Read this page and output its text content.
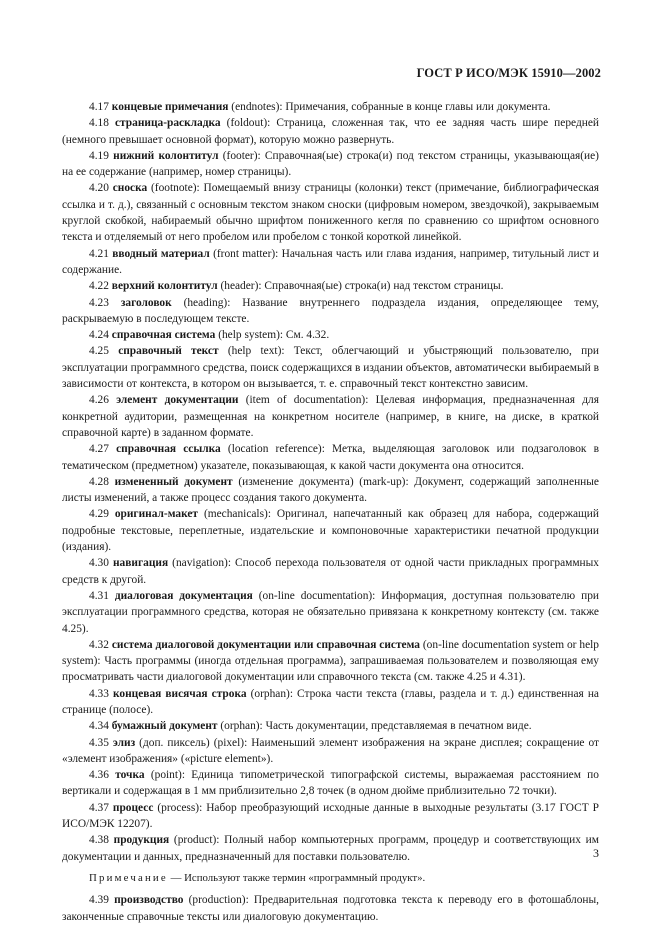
ГОСТ Р ИСО/МЭК 15910—2002

4.17 концевые примечания (endnotes): Примечания, собранные в конце главы или документа.

4.18 страница-раскладка (foldout): Страница, сложенная так, что ее задняя часть шире передней (немного превышает основной формат), которую можно развернуть.

4.19 нижний колонтитул (footer): Справочная(ые) строка(и) под текстом страницы, указывающая(ие) на ее содержание (например, номер страницы).

4.20 сноска (footnote): Помещаемый внизу страницы (колонки) текст (примечание, библиографическая ссылка и т. д.), связанный с основным текстом знаком сноски (цифровым номером, звездочкой), закрываемым круглой скобкой, набираемый обычно шрифтом пониженного кегля по сравнению со шрифтом основного текста и отделяемый от него пробелом или пробелом с тонкой короткой линейкой.

4.21 вводный материал (front matter): Начальная часть или глава издания, например, титульный лист и содержание.

4.22 верхний колонтитул (header): Справочная(ые) строка(и) над текстом страницы.

4.23 заголовок (heading): Название внутреннего подраздела издания, определяющее тему, раскрываемую в последующем тексте.

4.24 справочная система (help system): См. 4.32.

4.25 справочный текст (help text): Текст, облегчающий и убыстряющий пользователю, при эксплуатации программного средства, поиск содержащихся в издании объектов, автоматически выбираемый в зависимости от контекста, в котором он вызывается, т. е. справочный текст контекстно зависим.

4.26 элемент документации (item of documentation): Целевая информация, предназначенная для конкретной аудитории, размещенная на конкретном носителе (например, в книге, на диске, в краткой справочной карте) в заданном формате.

4.27 справочная ссылка (location reference): Метка, выделяющая заголовок или подзаголовок в тематическом (предметном) указателе, показывающая, к какой части документа она относится.

4.28 измененный документ (изменение документа) (mark-up): Документ, содержащий заполненные листы изменений, а также процесс создания такого документа.

4.29 оригинал-макет (mechanicals): Оригинал, напечатанный как образец для набора, содержащий подробные текстовые, переплетные, издательские и компоновочные характеристики печатной продукции (издания).

4.30 навигация (navigation): Способ перехода пользователя от одной части прикладных программных средств к другой.

4.31 диалоговая документация (on-line documentation): Информация, доступная пользователю при эксплуатации программного средства, которая не обязательно привязана к конкретному контексту (см. также 4.25).

4.32 система диалоговой документации или справочная система (on-line documentation system or help system): Часть программы (иногда отдельная программа), запрашиваемая пользователем и позволяющая ему просматривать части диалоговой документации или справочного текста (см. также 4.25 и 4.31).

4.33 концевая висячая строка (orphan): Строка части текста (главы, раздела и т. д.) единственная на странице (полосе).

4.34 бумажный документ (orphan): Часть документации, представляемая в печатном виде.

4.35 элиз (доп. пиксель) (pixel): Наименьший элемент изображения на экране дисплея; сокращение от «элемент изображения» («picture element»).

4.36 точка (point): Единица типометрической типографской системы, выражаемая расстоянием по вертикали и содержащая в 1 мм приблизительно 2,8 точек (в одном дюйме приблизительно 72 точки).

4.37 процесс (process): Набор преобразующий исходные данные в выходные результаты (3.17 ГОСТ Р ИСО/МЭК 12207).

4.38 продукция (product): Полный набор компьютерных программ, процедур и соответствующих им документации и данных, предназначенный для поставки пользователю.

Примечание — Используют также термин «программный продукт».

4.39 производство (production): Предварительная подготовка текста к переводу его в фотошаблоны, законченные справочные тексты или диалоговую документацию.

3
